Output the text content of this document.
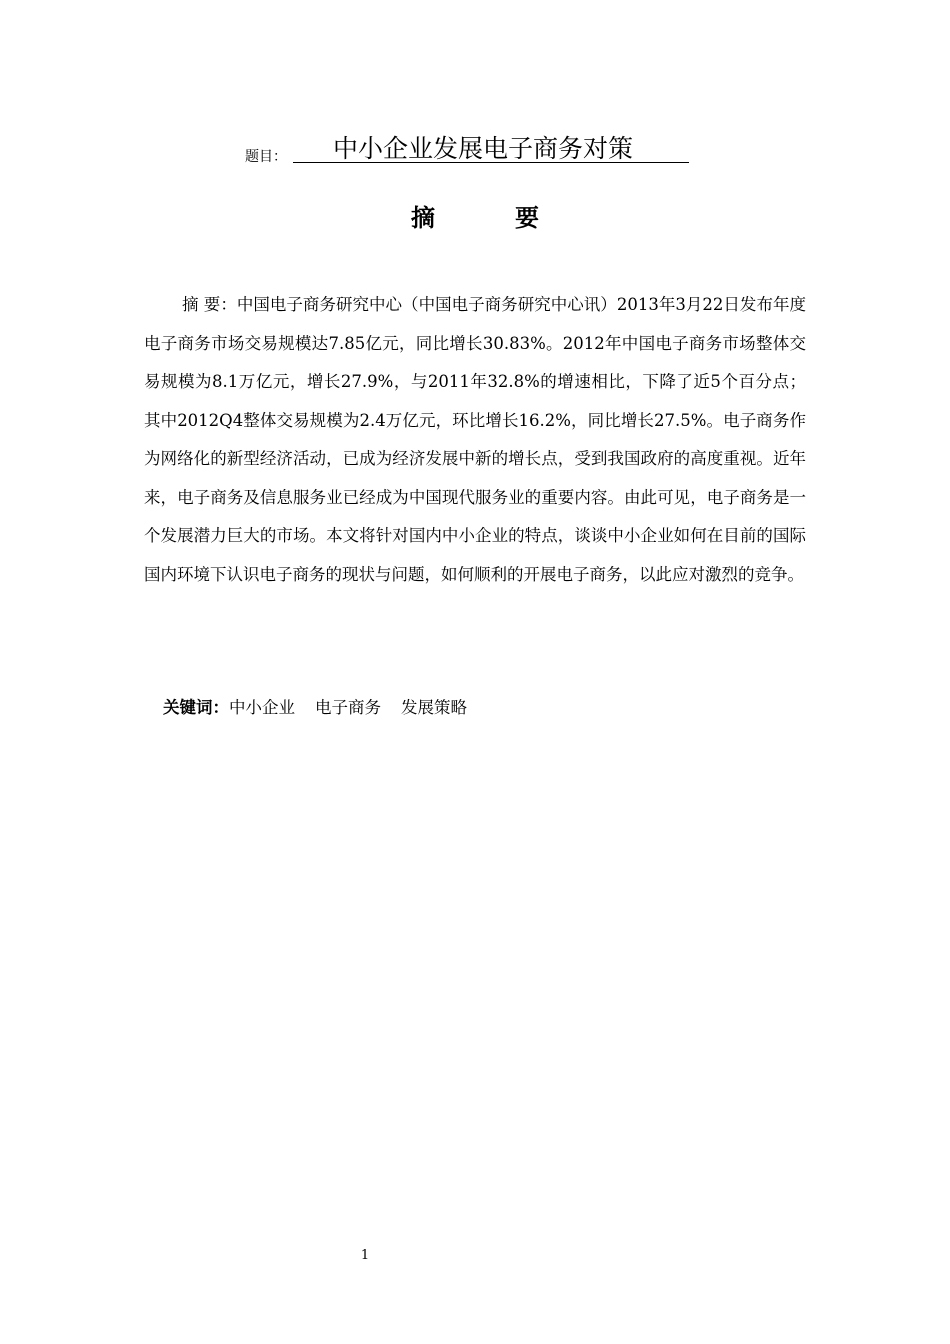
题目：	中小企业发展电子商务对策
摘	要

摘 要：中国电子商务研究中心（中国电子商务研究中心讯）2013年3月22日发布年度电子商务市场交易规模达7.85亿元，同比增长30.83%。2012年中国电子商务市场整体交易规模为8.1万亿元，增长27.9%，与2011年32.8%的增速相比，下降了近5个百分点；其中2012Q4整体交易规模为2.4万亿元，环比增长16.2%，同比增长27.5%。电子商务作为网络化的新型经济活动，已成为经济发展中新的增长点，受到我国政府的高度重视。近年来，电子商务及信息服务业已经成为中国现代服务业的重要内容。由此可见，电子商务是一个发展潜力巨大的市场。本文将针对国内中小企业的特点，谈谈中小企业如何在目前的国际国内环境下认识电子商务的现状与问题，如何顺利的开展电子商务，以此应对激烈的竞争。

关键词：中小企业 电子商务 发展策略
1
